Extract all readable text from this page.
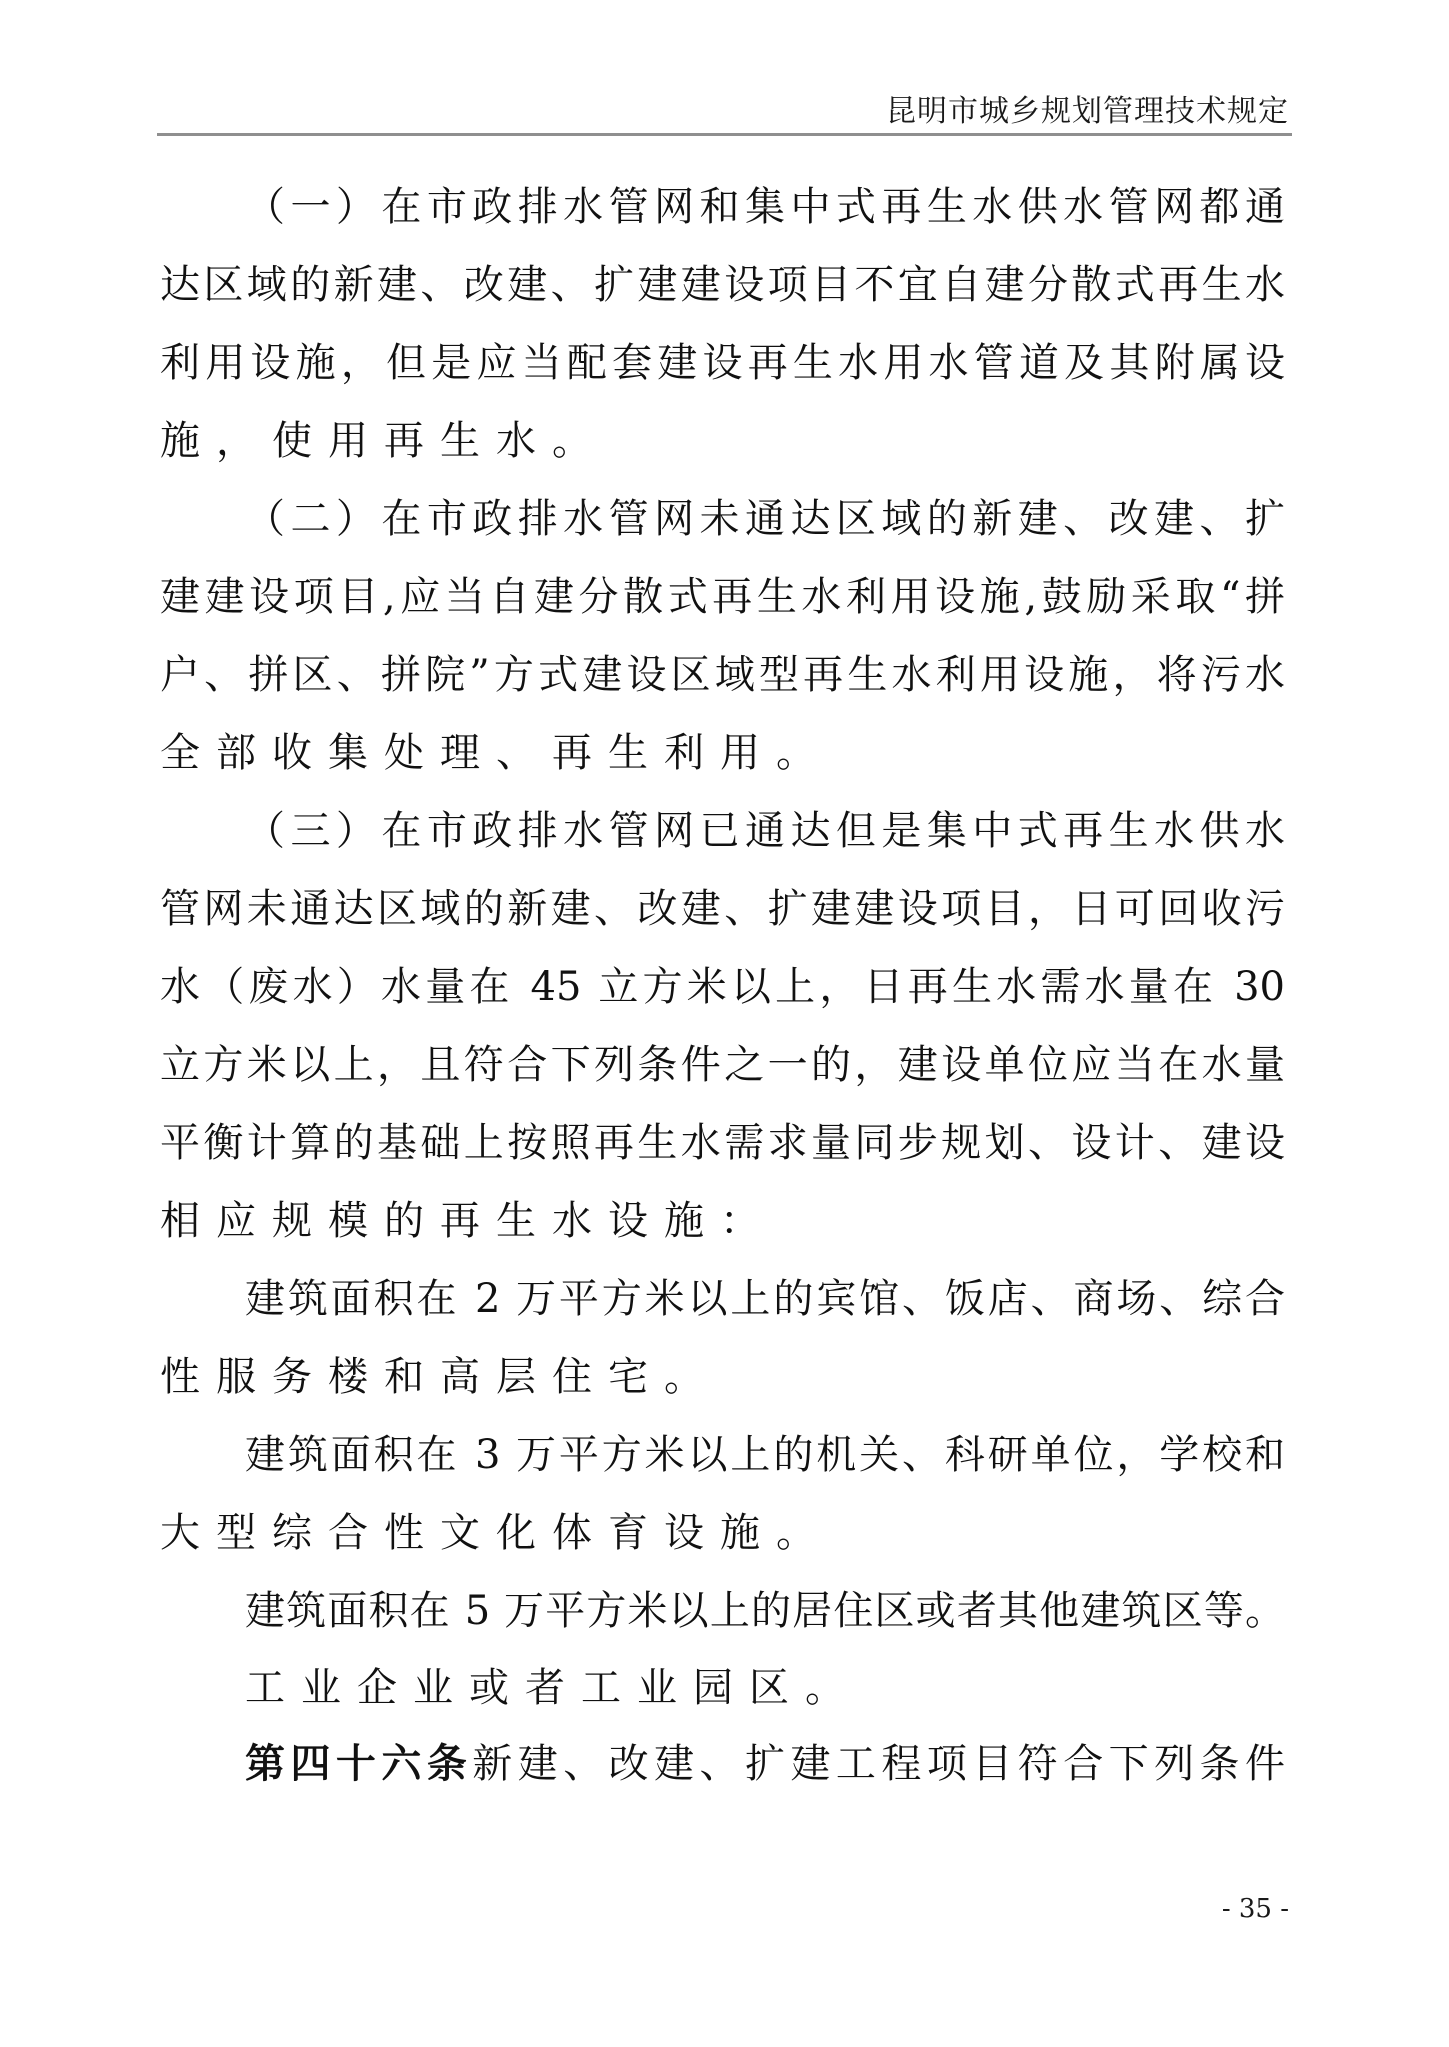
昆明市城乡规划管理技术规定
（一）在市政排水管网和集中式再生水供水管网都通
达区域的新建、改建、扩建建设项目不宜自建分散式再生水
利用设施，但是应当配套建设再生水用水管道及其附属设
施，使用再生水。
（二）在市政排水管网未通达区域的新建、改建、扩
建建设项目,应当自建分散式再生水利用设施,鼓励采取“拼
户、拼区、拼院”方式建设区域型再生水利用设施，将污水
全部收集处理、再生利用。
（三）在市政排水管网已通达但是集中式再生水供水
管网未通达区域的新建、改建、扩建建设项目，日可回收污
水（废水）水量在 45 立方米以上，日再生水需水量在 30
立方米以上，且符合下列条件之一的，建设单位应当在水量
平衡计算的基础上按照再生水需求量同步规划、设计、建设
相应规模的再生水设施：
建筑面积在 2 万平方米以上的宾馆、饭店、商场、综合
性服务楼和高层住宅。
建筑面积在 3 万平方米以上的机关、科研单位，学校和
大型综合性文化体育设施。
建筑面积在 5 万平方米以上的居住区或者其他建筑区等。
工业企业或者工业园区。
第四十六条新建、改建、扩建工程项目符合下列条件
- 35 -
